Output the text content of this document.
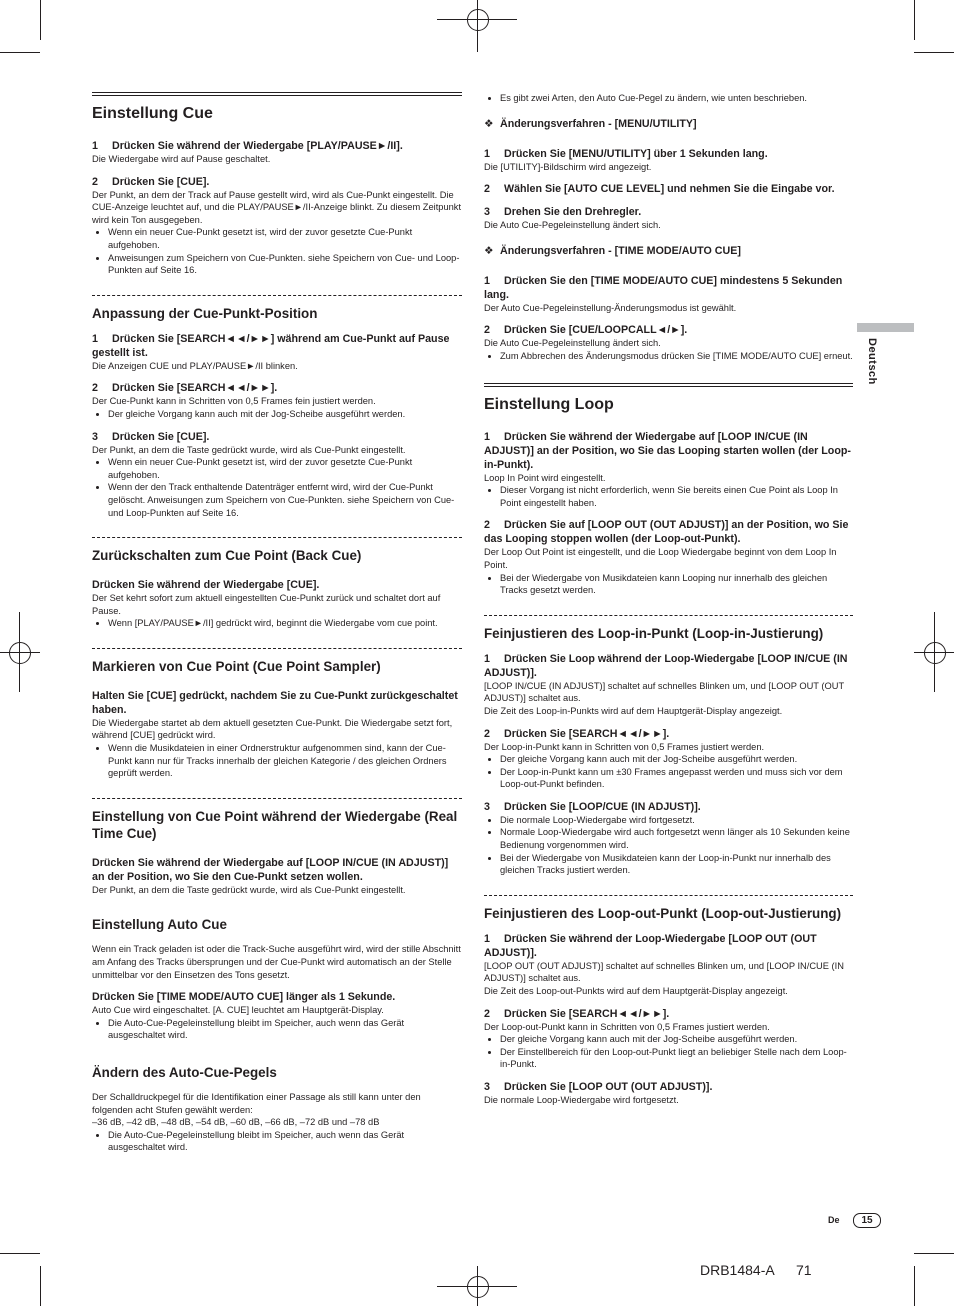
Einstellung Cue

1 Drücken Sie während der Wiedergabe [PLAY/PAUSE►/II].

Die Wiedergabe wird auf Pause geschaltet.

2 Drücken Sie [CUE].

Der Punkt, an dem der Track auf Pause gestellt wird, wird als Cue-Punkt eingestellt. Die CUE-Anzeige leuchtet auf, und die PLAY/PAUSE►/II-Anzeige blinkt. Zu diesem Zeitpunkt wird kein Ton ausgegeben.

• Wenn ein neuer Cue-Punkt gesetzt ist, wird der zuvor gesetzte Cue-Punkt aufgehoben.
• Anweisungen zum Speichern von Cue-Punkten. siehe Speichern von Cue- und Loop-Punkten auf Seite 16.
Anpassung der Cue-Punkt-Position

1 Drücken Sie [SEARCH◄◄/►►] während am Cue-Punkt auf Pause gestellt ist.

Die Anzeigen CUE und PLAY/PAUSE►/II blinken.

2 Drücken Sie [SEARCH◄◄/►►].

Der Cue-Punkt kann in Schritten von 0,5 Frames fein justiert werden.

• Der gleiche Vorgang kann auch mit der Jog-Scheibe ausgeführt werden.

3 Drücken Sie [CUE].

Der Punkt, an dem die Taste gedrückt wurde, wird als Cue-Punkt eingestellt.

• Wenn ein neuer Cue-Punkt gesetzt ist, wird der zuvor gesetzte Cue-Punkt aufgehoben.
• Wenn der den Track enthaltende Datenträger entfernt wird, wird der Cue-Punkt gelöscht. Anweisungen zum Speichern von Cue-Punkten. siehe Speichern von Cue- und Loop-Punkten auf Seite 16.
Zurückschalten zum Cue Point (Back Cue)

Drücken Sie während der Wiedergabe [CUE].

Der Set kehrt sofort zum aktuell eingestellten Cue-Punkt zurück und schaltet dort auf Pause.

• Wenn [PLAY/PAUSE►/II] gedrückt wird, beginnt die Wiedergabe vom cue point.
Markieren von Cue Point (Cue Point Sampler)

Halten Sie [CUE] gedrückt, nachdem Sie zu Cue-Punkt zurückgeschaltet haben.

Die Wiedergabe startet ab dem aktuell gesetzten Cue-Punkt. Die Wiedergabe setzt fort, während [CUE] gedrückt wird.

• Wenn die Musikdateien in einer Ordnerstruktur aufgenommen sind, kann der Cue-Punkt kann nur für Tracks innerhalb der gleichen Kategorie / des gleichen Ordners geprüft werden.
Einstellung von Cue Point während der Wiedergabe (Real Time Cue)

Drücken Sie während der Wiedergabe auf [LOOP IN/CUE (IN ADJUST)] an der Position, wo Sie den Cue-Punkt setzen wollen.

Der Punkt, an dem die Taste gedrückt wurde, wird als Cue-Punkt eingestellt.

Einstellung Auto Cue

Wenn ein Track geladen ist oder die Track-Suche ausgeführt wird, wird der stille Abschnitt am Anfang des Tracks übersprungen und der Cue-Punkt wird automatisch an der Stelle unmittelbar vor den Einsetzen des Tons gesetzt.

Drücken Sie [TIME MODE/AUTO CUE] länger als 1 Sekunde.

Auto Cue wird eingeschaltet. [A. CUE] leuchtet am Hauptgerät-Display.

• Die Auto-Cue-Pegeleinstellung bleibt im Speicher, auch wenn das Gerät ausgeschaltet wird.
Ändern des Auto-Cue-Pegels

Der Schalldruckpegel für die Identifikation einer Passage als still kann unter den folgenden acht Stufen gewählt werden:

–36 dB, –42 dB, –48 dB, –54 dB, –60 dB, –66 dB, –72 dB und –78 dB

• Die Auto-Cue-Pegeleinstellung bleibt im Speicher, auch wenn das Gerät ausgeschaltet wird.
• Es gibt zwei Arten, den Auto Cue-Pegel zu ändern, wie unten beschrieben.

❖ Änderungsverfahren - [MENU/UTILITY]

1 Drücken Sie [MENU/UTILITY] über 1 Sekunden lang.

Die [UTILITY]-Bildschirm wird angezeigt.

2 Wählen Sie [AUTO CUE LEVEL] und nehmen Sie die Eingabe vor.

3 Drehen Sie den Drehregler.

Die Auto Cue-Pegeleinstellung ändert sich.

❖ Änderungsverfahren - [TIME MODE/AUTO CUE]

1 Drücken Sie den [TIME MODE/AUTO CUE] mindestens 5 Sekunden lang.

Der Auto Cue-Pegeleinstellung-Änderungsmodus ist gewählt.

2 Drücken Sie [CUE/LOOPCALL◄/►].

Die Auto Cue-Pegeleinstellung ändert sich.

• Zum Abbrechen des Änderungsmodus drücken Sie [TIME MODE/AUTO CUE] erneut.
Einstellung Loop

1 Drücken Sie während der Wiedergabe auf [LOOP IN/CUE (IN ADJUST)] an der Position, wo Sie das Looping starten wollen (der Loop-in-Punkt).

Loop In Point wird eingestellt.

• Dieser Vorgang ist nicht erforderlich, wenn Sie bereits einen Cue Point als Loop In Point eingestellt haben.

2 Drücken Sie auf [LOOP OUT (OUT ADJUST)] an der Position, wo Sie das Looping stoppen wollen (der Loop-out-Punkt).

Der Loop Out Point ist eingestellt, und die Loop Wiedergabe beginnt von dem Loop In Point.

• Bei der Wiedergabe von Musikdateien kann Looping nur innerhalb des gleichen Tracks gesetzt werden.
Feinjustieren des Loop-in-Punkt (Loop-in-Justierung)

1 Drücken Sie Loop während der Loop-Wiedergabe [LOOP IN/CUE (IN ADJUST)].

[LOOP IN/CUE (IN ADJUST)] schaltet auf schnelles Blinken um, und [LOOP OUT (OUT ADJUST)] schaltet aus.

Die Zeit des Loop-in-Punkts wird auf dem Hauptgerät-Display angezeigt.

2 Drücken Sie [SEARCH◄◄/►►].

Der Loop-in-Punkt kann in Schritten von 0,5 Frames justiert werden.

• Der gleiche Vorgang kann auch mit der Jog-Scheibe ausgeführt werden.
• Der Loop-in-Punkt kann um ±30 Frames angepasst werden und muss sich vor dem Loop-out-Punkt befinden.

3 Drücken Sie [LOOP/CUE (IN ADJUST)].

• Die normale Loop-Wiedergabe wird fortgesetzt.
• Normale Loop-Wiedergabe wird auch fortgesetzt wenn länger als 10 Sekunden keine Bedienung vorgenommen wird.
• Bei der Wiedergabe von Musikdateien kann der Loop-in-Punkt nur innerhalb des gleichen Tracks justiert werden.
Feinjustieren des Loop-out-Punkt (Loop-out-Justierung)

1 Drücken Sie während der Loop-Wiedergabe [LOOP OUT (OUT ADJUST)].

[LOOP OUT (OUT ADJUST)] schaltet auf schnelles Blinken um, und [LOOP IN/CUE (IN ADJUST)] schaltet aus.

Die Zeit des Loop-out-Punkts wird auf dem Hauptgerät-Display angezeigt.

2 Drücken Sie [SEARCH◄◄/►►].

Der Loop-out-Punkt kann in Schritten von 0,5 Frames justiert werden.

• Der gleiche Vorgang kann auch mit der Jog-Scheibe ausgeführt werden.
• Der Einstellbereich für den Loop-out-Punkt liegt an beliebiger Stelle nach dem Loop-in-Punkt.

3 Drücken Sie [LOOP OUT (OUT ADJUST)].

Die normale Loop-Wiedergabe wird fortgesetzt.

Deutsch
De	15
DRB1484-A 71
